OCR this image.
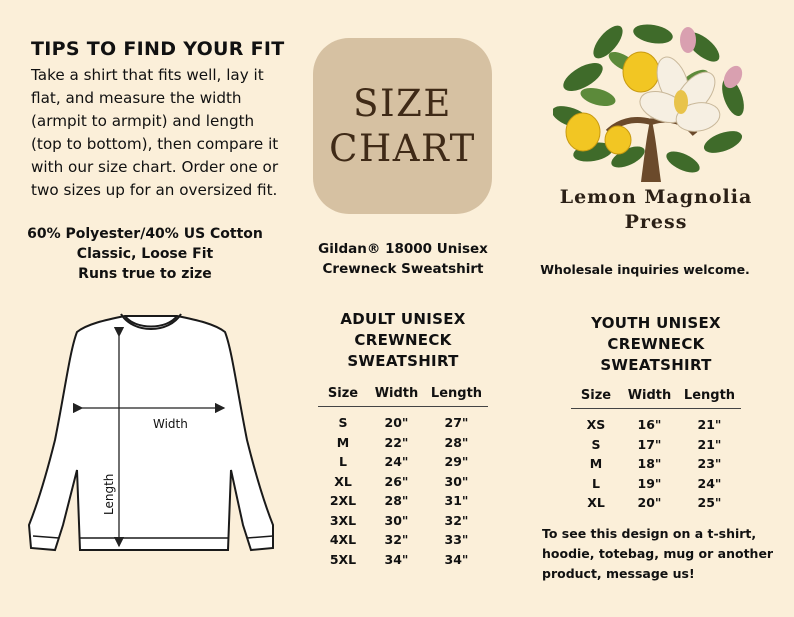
TIPS TO FIND YOUR FIT
Take a shirt that fits well, lay it
flat, and measure the width
(armpit to armpit) and length
(top to bottom), then compare it
with our size chart. Order one or
two sizes up for an oversized fit.
60% Polyester/40% US Cotton
Classic, Loose Fit
Runs true to zize
Width
Length
SIZE
CHART
Gildan® 18000 Unisex
Crewneck Sweatshirt
ADULT UNISEX
CREWNECK
SWEATSHIRT
Size	Width Length
S	20"	27"
M	22"	28"
L	24"	29"
XL	26"	30"
2XL	28"	31"
3XL	30"	32"
4XL	32"	33"
5XL	34"	34"
Lemon Magnolia
Press
Wholesale inquiries welcome.
YOUTH UNISEX
CREWNECK
SWEATSHIRT
Size	Width Length
XS	16"	21"
S	17"	21"
M	18"	23"
L	19"	24"
XL	20"	25"
To see this design on a t-shirt,
hoodie, totebag, mug or another
product, message us!
